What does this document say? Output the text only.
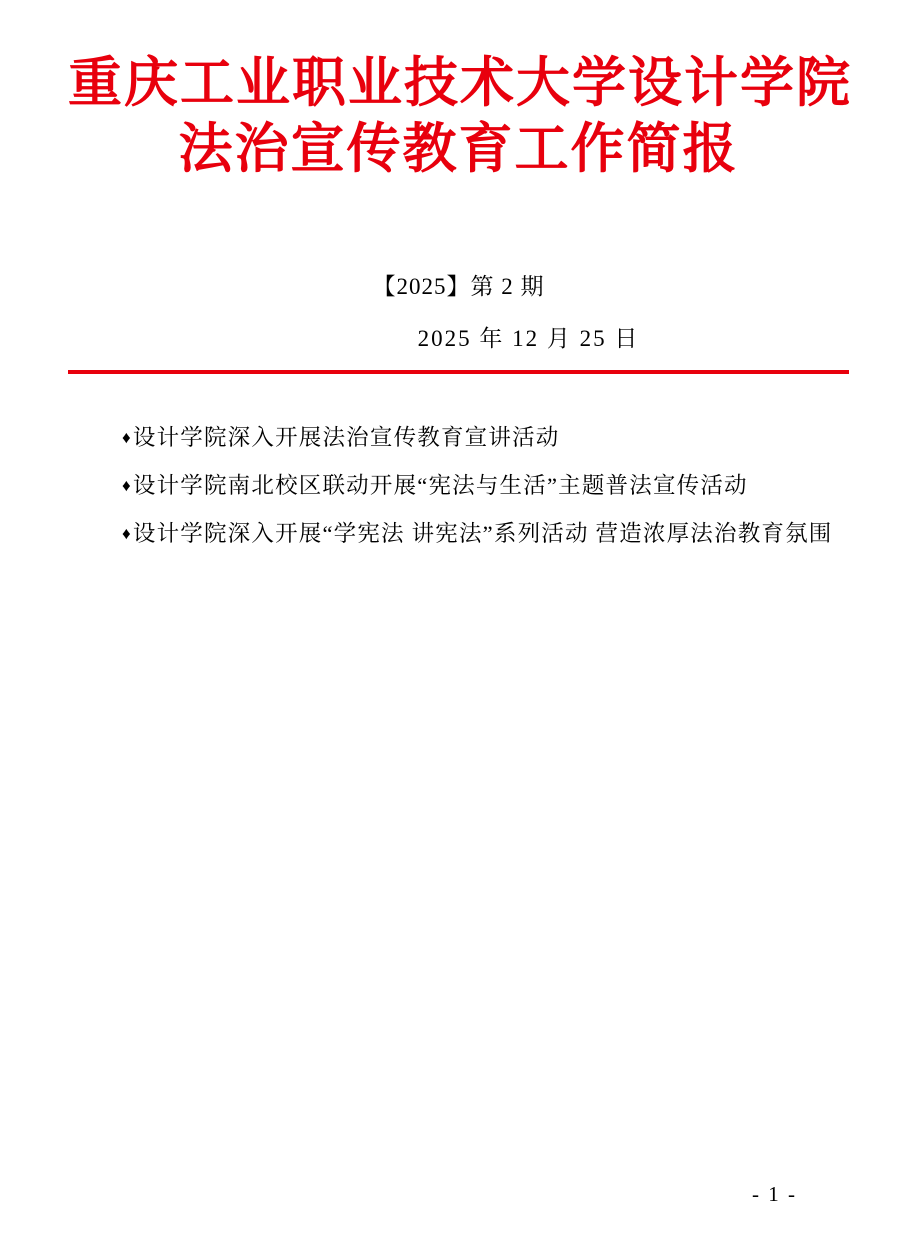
重庆工业职业技术大学设计学院
法治宣传教育工作简报
【2025】第 2 期
2025 年 12 月 25 日
♦设计学院深入开展法治宣传教育宣讲活动
♦设计学院南北校区联动开展“宪法与生活”主题普法宣传活动
♦设计学院深入开展“学宪法 讲宪法”系列活动 营造浓厚法治教育氛围
- 1 -
